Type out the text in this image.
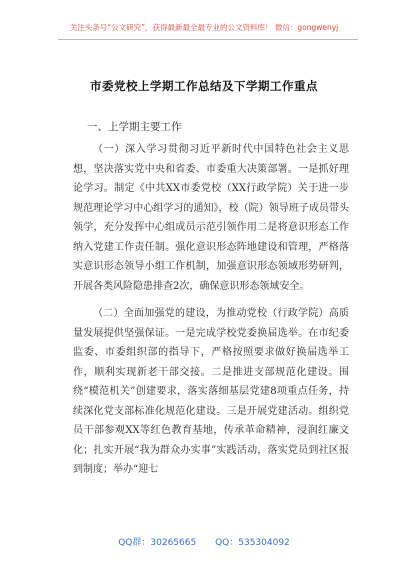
关注头条号“公文研究”，获得最新最全最专业的公文资料库！ 微信：gongwenyj
市委党校上学期工作总结及下学期工作重点
一、上学期主要工作

（一）深入学习贯彻习近平新时代中国特色社会主义思想，坚决落实党中央和省委、市委重大决策部署。一是抓好理论学习。制定《中共XX市委党校（XX行政学院）关于进一步规范理论学习中心组学习的通知》，校（院）领导班子成员带头领学，充分发挥中心组成员示范引领作用二是将意识形态工作纳入党建工作责任制。强化意识形态阵地建设和管理，严格落实意识形态领导小组工作机制，加强意识形态领域形势研判，开展各类风险隐患排查2次，确保意识形态领域安全。

（二）全面加强党的建设，为推动党校（行政学院）高质量发展提供坚强保证。一是完成学校党委换届选举。在市纪委监委、市委组织部的指导下，严格按照要求做好换届选举工作，顺利实现新老干部交接。二是推进支部规范化建设。围绕“模范机关”创建要求，落实落细基层党建8项重点任务，持续深化党支部标准化规范化建设。三是开展党建活动。组织党员干部参观XX等红色教育基地，传承革命精神，浸润红廉文化；扎实开展“我为群众办实事”实践活动，落实党员到社区报到制度；举办“迎七

QQ群：30265665 QQ：535304092
